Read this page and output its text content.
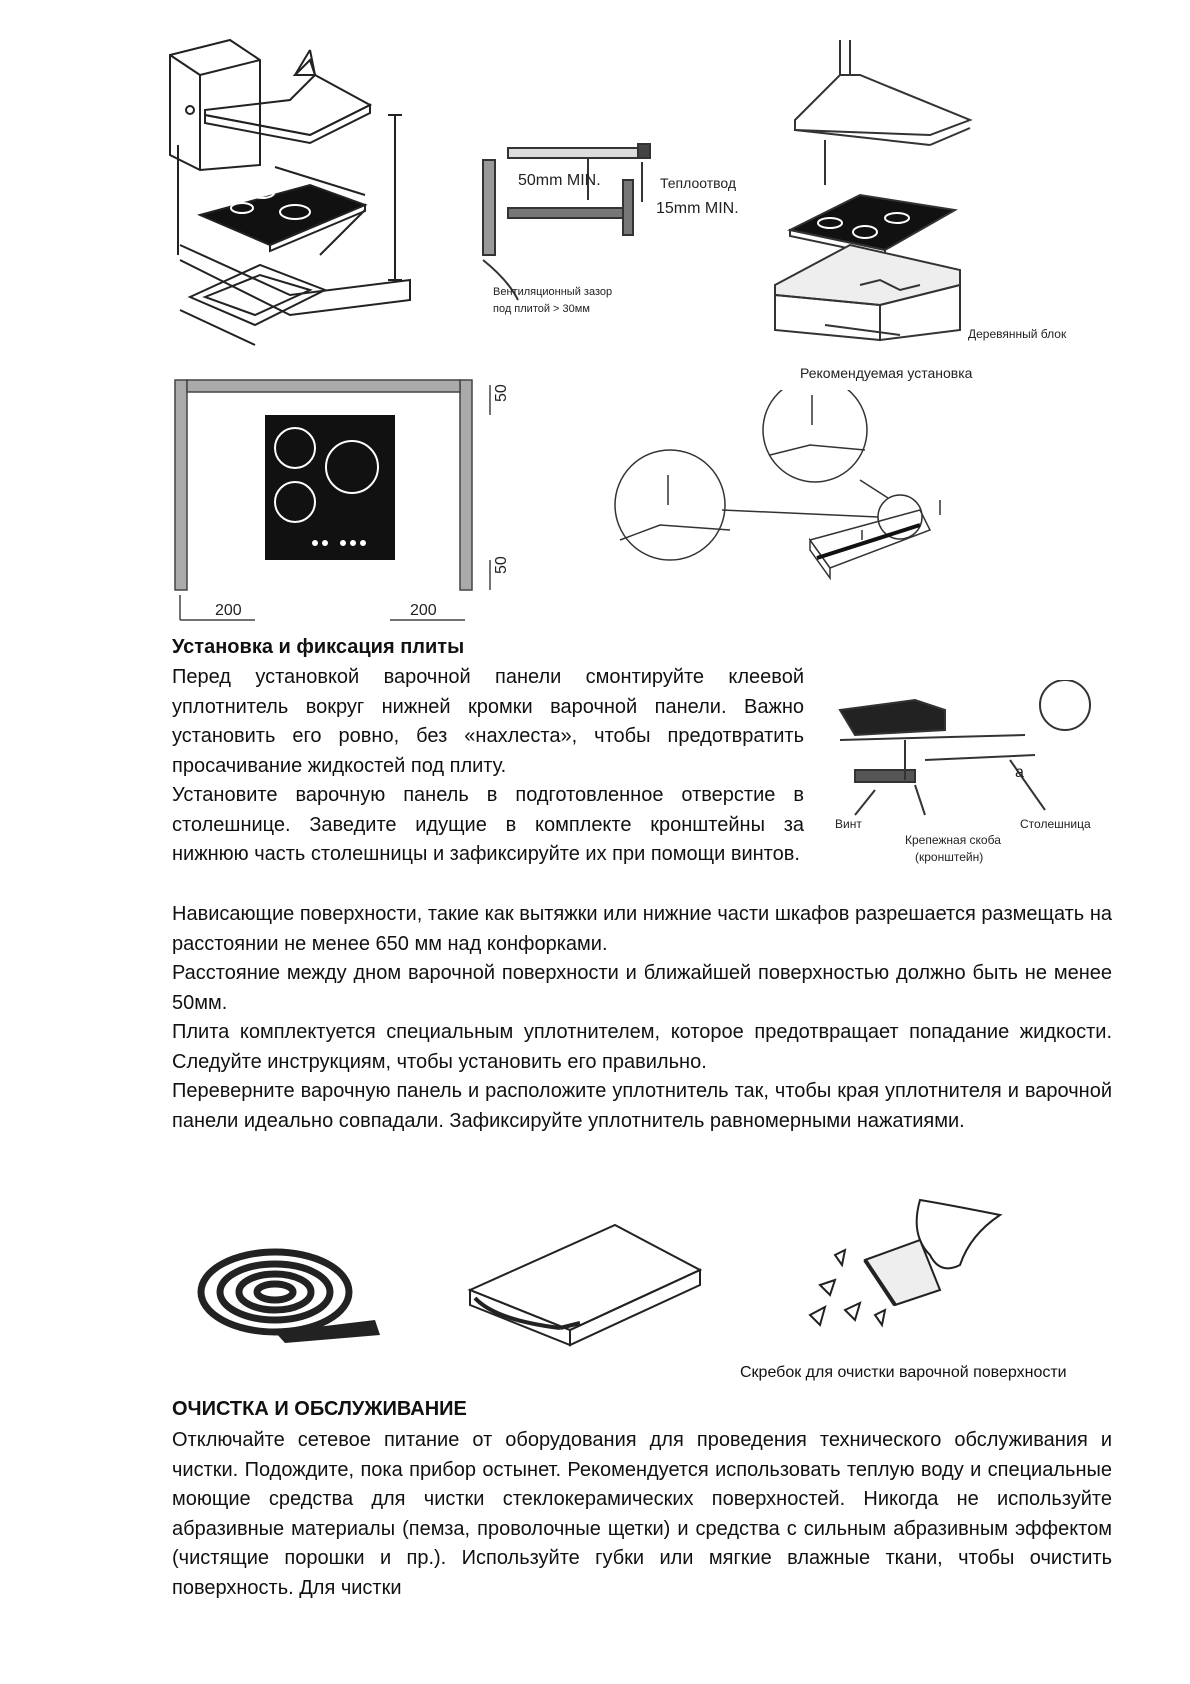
50mm MIN.	Теплоотвод
15mm MIN.
Вентиляционный зазор
под плитой > 30мм
Деревянный блок
Рекомендуемая установка
50
50
200	200

Установка и фиксация плиты

Перед установкой варочной панели смонтируйте клеевой уплотнитель вокруг нижней кромки варочной панели. Важно установить его ровно, без «нахлеста», чтобы предотвратить просачивание жидкостей под плиту.

Установите варочную панель в подготовленное отверстие в столешнице. Заведите идущие в комплекте кронштейны за нижнюю часть столешницы и зафиксируйте их при помощи винтов.

a
Винт
Крепежная скоба
(кронштейн)
Столешница

Нависающие поверхности, такие как вытяжки или нижние части шкафов разрешается размещать на расстоянии не менее 650 мм над конфорками.

Расстояние между дном варочной поверхности и ближайшей поверхностью должно быть не менее 50мм.

Плита комплектуется специальным уплотнителем, которое предотвращает попадание жидкости. Следуйте инструкциям, чтобы установить его правильно.

Переверните варочную панель и расположите уплотнитель так, чтобы края уплотнителя и варочной панели идеально совпадали. Зафиксируйте уплотнитель равномерными нажатиями.

Скребок для очистки варочной поверхности

ОЧИСТКА И ОБСЛУЖИВАНИЕ

Отключайте сетевое питание от оборудования для проведения технического обслуживания и чистки. Подождите, пока прибор остынет. Рекомендуется использовать теплую воду и специальные моющие средства для чистки стеклокерамических поверхностей. Никогда не используйте абразивные материалы (пемза, проволочные щетки) и средства с сильным абразивным эффектом (чистящие порошки и пр.). Используйте губки или мягкие влажные ткани, чтобы очистить поверхность. Для чистки
